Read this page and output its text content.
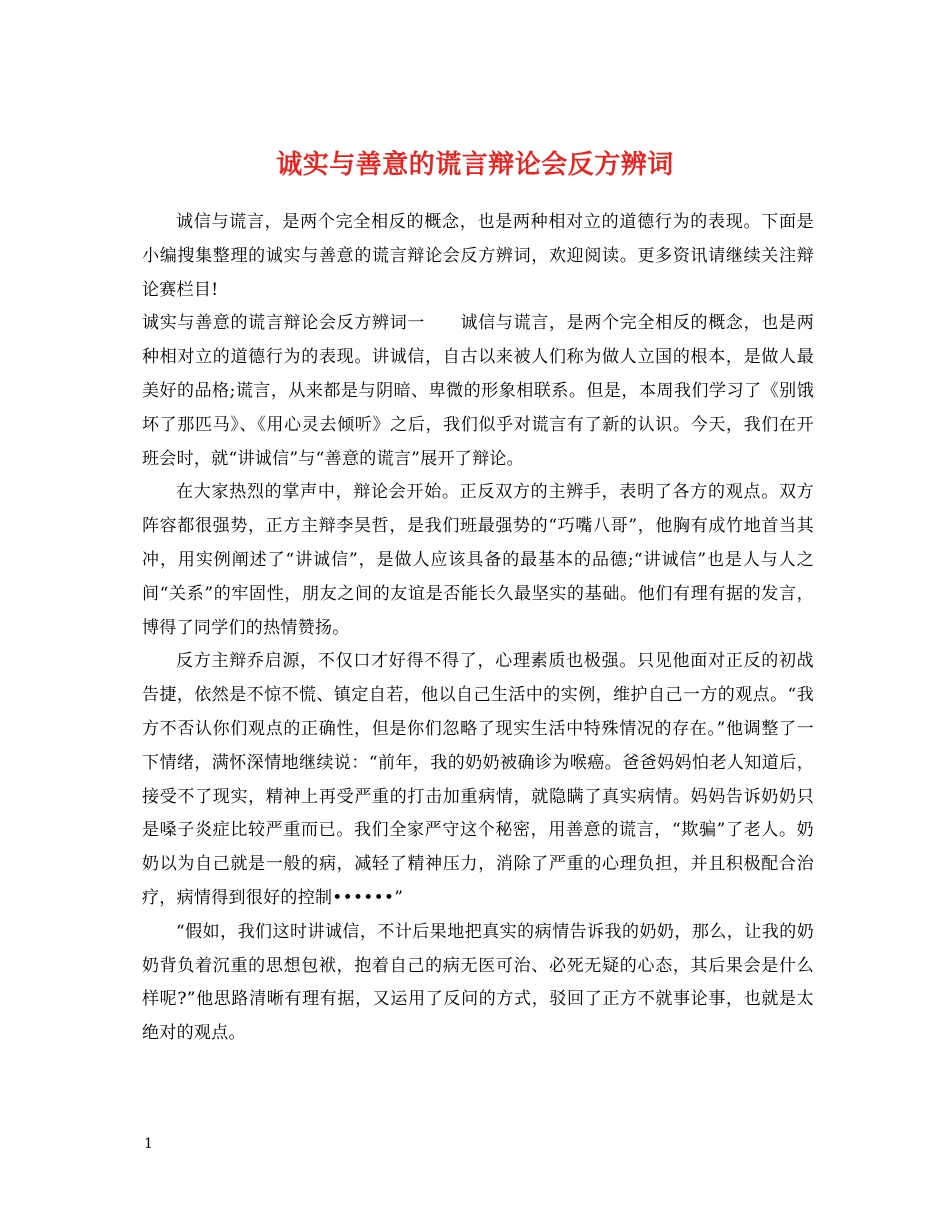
诚实与善意的谎言辩论会反方辨词

诚信与谎言，是两个完全相反的概念，也是两种相对立的道德行为的表现。下面是小编搜集整理的诚实与善意的谎言辩论会反方辨词，欢迎阅读。更多资讯请继续关注辩论赛栏目!

诚实与善意的谎言辩论会反方辨词一　　诚信与谎言，是两个完全相反的概念，也是两种相对立的道德行为的表现。讲诚信，自古以来被人们称为做人立国的根本，是做人最美好的品格;谎言，从来都是与阴暗、卑微的形象相联系。但是，本周我们学习了《别饿坏了那匹马》、《用心灵去倾听》之后，我们似乎对谎言有了新的认识。今天，我们在开班会时，就“讲诚信”与“善意的谎言”展开了辩论。

在大家热烈的掌声中，辩论会开始。正反双方的主辨手，表明了各方的观点。双方阵容都很强势，正方主辩李昊哲，是我们班最强势的“巧嘴八哥”，他胸有成竹地首当其冲，用实例阐述了“讲诚信”，是做人应该具备的最基本的品德;“讲诚信”也是人与人之间“关系”的牢固性，朋友之间的友谊是否能长久最坚实的基础。他们有理有据的发言，博得了同学们的热情赞扬。

反方主辩乔启源，不仅口才好得不得了，心理素质也极强。只见他面对正反的初战告捷，依然是不惊不慌、镇定自若，他以自己生活中的实例，维护自己一方的观点。“我方不否认你们观点的正确性，但是你们忽略了现实生活中特殊情况的存在。”他调整了一下情绪，满怀深情地继续说：“前年，我的奶奶被确诊为喉癌。爸爸妈妈怕老人知道后，接受不了现实，精神上再受严重的打击加重病情，就隐瞒了真实病情。妈妈告诉奶奶只是嗓子炎症比较严重而已。我们全家严守这个秘密，用善意的谎言，“欺骗”了老人。奶奶以为自己就是一般的病，减轻了精神压力，消除了严重的心理负担，并且积极配合治疗，病情得到很好的控制••••••”

“假如，我们这时讲诚信，不计后果地把真实的病情告诉我的奶奶，那么，让我的奶奶背负着沉重的思想包袱，抱着自己的病无医可治、必死无疑的心态，其后果会是什么样呢?”他思路清晰有理有据，又运用了反问的方式，驳回了正方不就事论事，也就是太绝对的观点。

1
